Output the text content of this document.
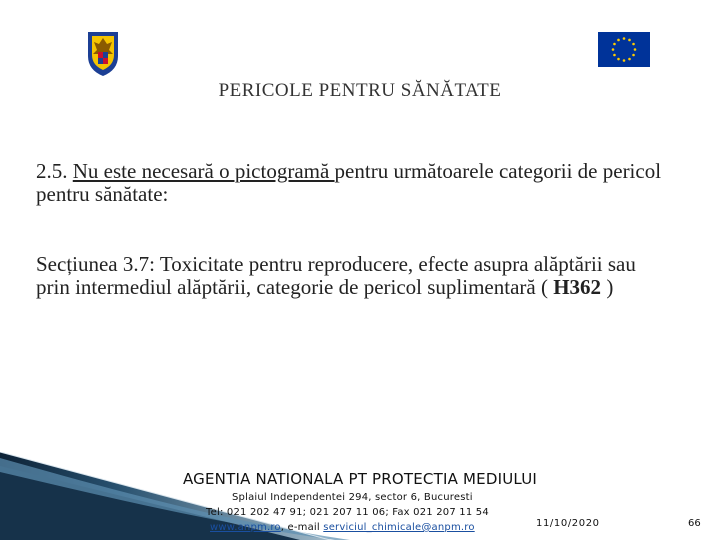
PERICOLE PENTRU SĂNĂTATE
2.5. Nu este necesară o pictogramă pentru următoarele categorii de pericol pentru sănătate:
Secțiunea 3.7: Toxicitate pentru reproducere, efecte asupra alăptării sau
prin intermediul alăptării, categorie de pericol suplimentară ( H362 )
AGENTIA NATIONALA PT PROTECTIA MEDIULUI
Splaiul Independentei 294, sector 6, Bucuresti
Tel: 021 202 47 91; 021 207 11 06; Fax 021 207 11 54
www.anpm.ro, e-mail serviciul_chimicale@anpm.ro	11/10/2020	66
